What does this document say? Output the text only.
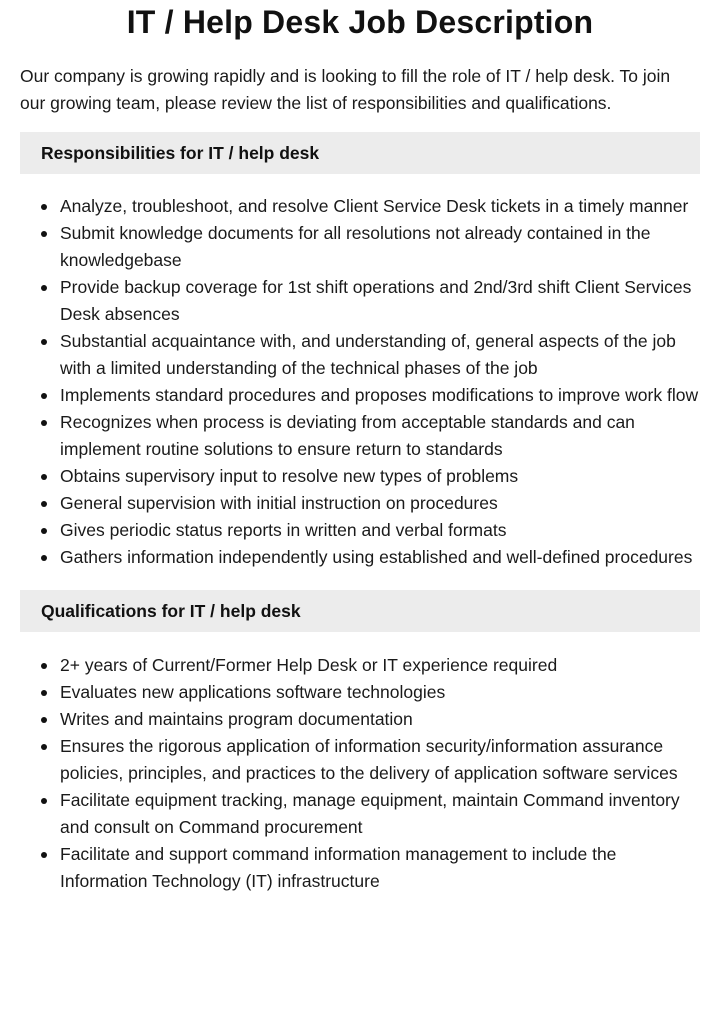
IT / Help Desk Job Description

Our company is growing rapidly and is looking to fill the role of IT / help desk. To join our growing team, please review the list of responsibilities and qualifications.

Responsibilities for IT / help desk
Analyze, troubleshoot, and resolve Client Service Desk tickets in a timely manner
Submit knowledge documents for all resolutions not already contained in the knowledgebase
Provide backup coverage for 1st shift operations and 2nd/3rd shift Client Services Desk absences
Substantial acquaintance with, and understanding of, general aspects of the job with a limited understanding of the technical phases of the job
Implements standard procedures and proposes modifications to improve work flow
Recognizes when process is deviating from acceptable standards and can implement routine solutions to ensure return to standards
Obtains supervisory input to resolve new types of problems
General supervision with initial instruction on procedures
Gives periodic status reports in written and verbal formats
Gathers information independently using established and well-defined procedures
Qualifications for IT / help desk
2+ years of Current/Former Help Desk or IT experience required
Evaluates new applications software technologies
Writes and maintains program documentation
Ensures the rigorous application of information security/information assurance policies, principles, and practices to the delivery of application software services
Facilitate equipment tracking, manage equipment, maintain Command inventory and consult on Command procurement
Facilitate and support command information management to include the Information Technology (IT) infrastructure
